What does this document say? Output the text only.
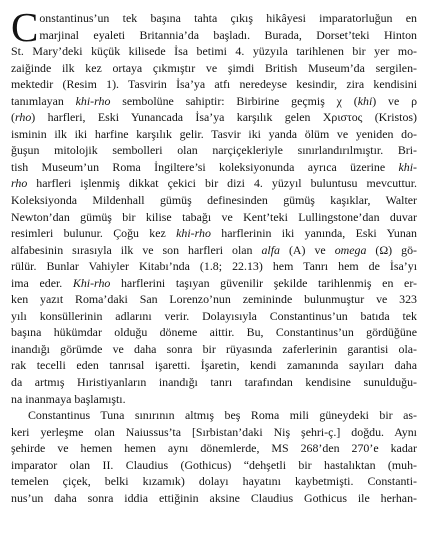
C onstantinus’un tek başına tahta çıkış hikâyesi imparatorluğun en
marjinal eyaleti Britannia’da başladı. Burada, Dorset’teki Hinton
St. Mary’deki küçük kilisede İsa betimi 4. yüzyıla tarihlenen bir yer mo-
zaiğinde ilk kez ortaya çıkmıştır ve şimdi British Museum’da sergilen-
mektedir (Resim 1). Tasvirin İsa’ya atfı neredeyse kesindir, zira kendisini
tanımlayan khi-rho sembolüne sahiptir: Birbirine geçmiş χ (khi) ve ρ
(rho) harfleri, Eski Yunancada İsa’ya karşılık gelen Χριστος (Kristos)
isminin ilk iki harfine karşılık gelir. Tasvir iki yanda ölüm ve yeniden do-
ğuşun mitolojik sembolleri olan narçiçekleriyle sınırlandırılmıştır. Bri-
tish Museum’un Roma İngiltere’si koleksiyonunda ayrıca üzerine khi-
rho harfleri işlenmiş dikkat çekici bir dizi 4. yüzyıl buluntusu mevcuttur.
Koleksiyonda Mildenhall gümüş definesinden gümüş kaşıklar, Walter
Newton’dan gümüş bir kilise tabağı ve Kent’teki Lullingstone’dan duvar
resimleri bulunur. Çoğu kez khi-rho harflerinin iki yanında, Eski Yunan
alfabesinin sırasıyla ilk ve son harfleri olan alfa (A) ve omega (Ω) gö-
rülür. Bunlar Vahiyler Kitabı’nda (1.8; 22.13) hem Tanrı hem de İsa’yı
ima eder. Khi-rho harflerini taşıyan güvenilir şekilde tarihlenmiş en er-
ken yazıt Roma’daki San Lorenzo’nun zemininde bulunmuştur ve 323
yılı konsüllerinin adlarını verir. Dolayısıyla Constantinus’un batıda tek
başına hükümdar olduğu döneme aittir. Bu, Constantinus’un gördüğüne
inandığı görümde ve daha sonra bir rüyasında zaferlerinin garantisi ola-
rak tecelli eden tanrısal işaretti. İşaretin, kendi zamanında sayıları daha
da artmış Hıristiyanların inandığı tanrı tarafından kendisine sunulduğu-
na inanmaya başlamıştı.

Constantinus Tuna sınırının altmış beş Roma mili güneydeki bir as-
keri yerleşme olan Naiussus’ta [Sırbistan’daki Niş şehri-ç.] doğdu. Aynı
şehirde ve hemen hemen aynı dönemlerde, MS 268’den 270’e kadar
imparator olan II. Claudius (Gothicus) “dehşetli bir hastalıktan (muh-
temelen çiçek, belki kızamık) dolayı hayatını kaybetmişti. Constanti-
nus’un daha sonra iddia ettiğinin aksine Claudius Gothicus ile herhan-
